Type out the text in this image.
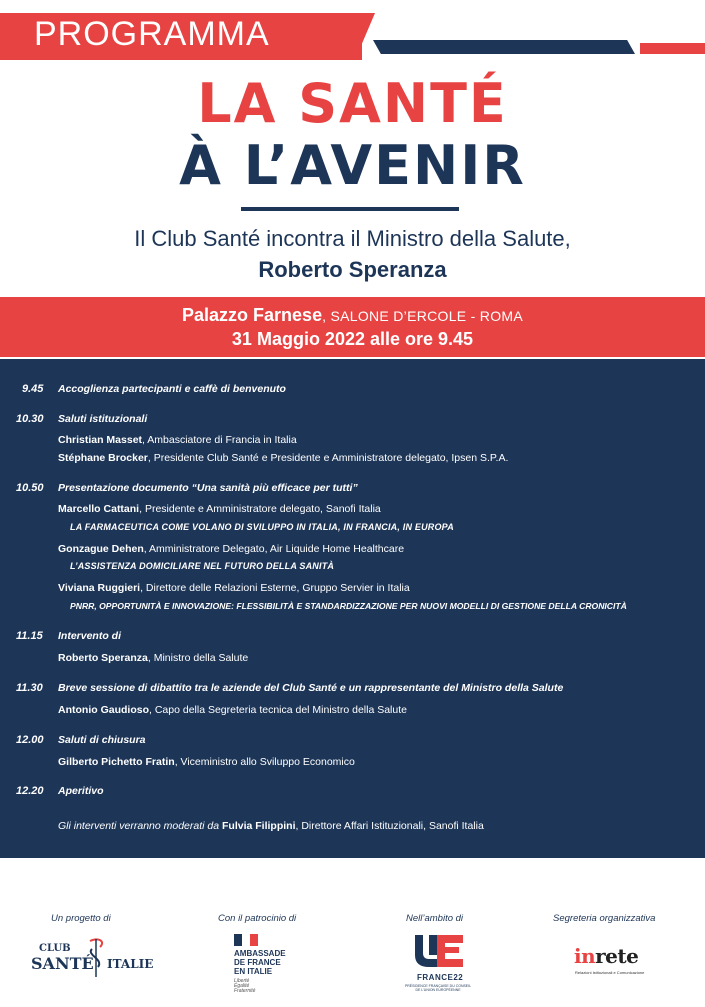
PROGRAMMA
LA SANTÉ
À L’AVENIR
Il Club Santé incontra il Ministro della Salute,
Roberto Speranza
Palazzo Farnese, SALONE D’ERCOLE - ROMA
31 Maggio 2022 alle ore 9.45
9.45 Accoglienza partecipanti e caffè di benvenuto
10.30 Saluti istituzionali
Christian Masset, Ambasciatore di Francia in Italia
Stéphane Brocker, Presidente Club Santé e Presidente e Amministratore delegato, Ipsen S.P.A.
10.50 Presentazione documento “Una sanità più efficace per tutti”
Marcello Cattani, Presidente e Amministratore delegato, Sanofi Italia
LA FARMACEUTICA COME VOLANO DI SVILUPPO IN ITALIA, IN FRANCIA, IN EUROPA
Gonzague Dehen, Amministratore Delegato, Air Liquide Home Healthcare
L’ASSISTENZA DOMICILIARE NEL FUTURO DELLA SANITÀ
Viviana Ruggieri, Direttore delle Relazioni Esterne, Gruppo Servier in Italia
PNRR, OPPORTUNITÀ E INNOVAZIONE: FLESSIBILITÀ E STANDARDIZZAZIONE PER NUOVI MODELLI DI GESTIONE DELLA CRONICITÀ
11.15 Intervento di
Roberto Speranza, Ministro della Salute
11.30 Breve sessione di dibattito tra le aziende del Club Santé e un rappresentante del Ministro della Salute
Antonio Gaudioso, Capo della Segreteria tecnica del Ministro della Salute
12.00 Saluti di chiusura
Gilberto Pichetto Fratin, Viceministro allo Sviluppo Economico
12.20 Aperitivo
Gli interventi verranno moderati da Fulvia Filippini, Direttore Affari Istituzionali, Sanofi Italia
Un progetto di	Con il patrocinio di	Nell’ambito di	Segreteria organizzativa
CLUB
SANTÉ ITALIE
AMBASSADE
DE FRANCE
EN ITALIE
Liberté
Égalité
Fraternité
FRANCE22
PRÉSIDENCE FRANÇAISE DU CONSEIL DE L’UNION EUROPÉENNE
inrete
Relazioni Istituzionali e Comunicazione
